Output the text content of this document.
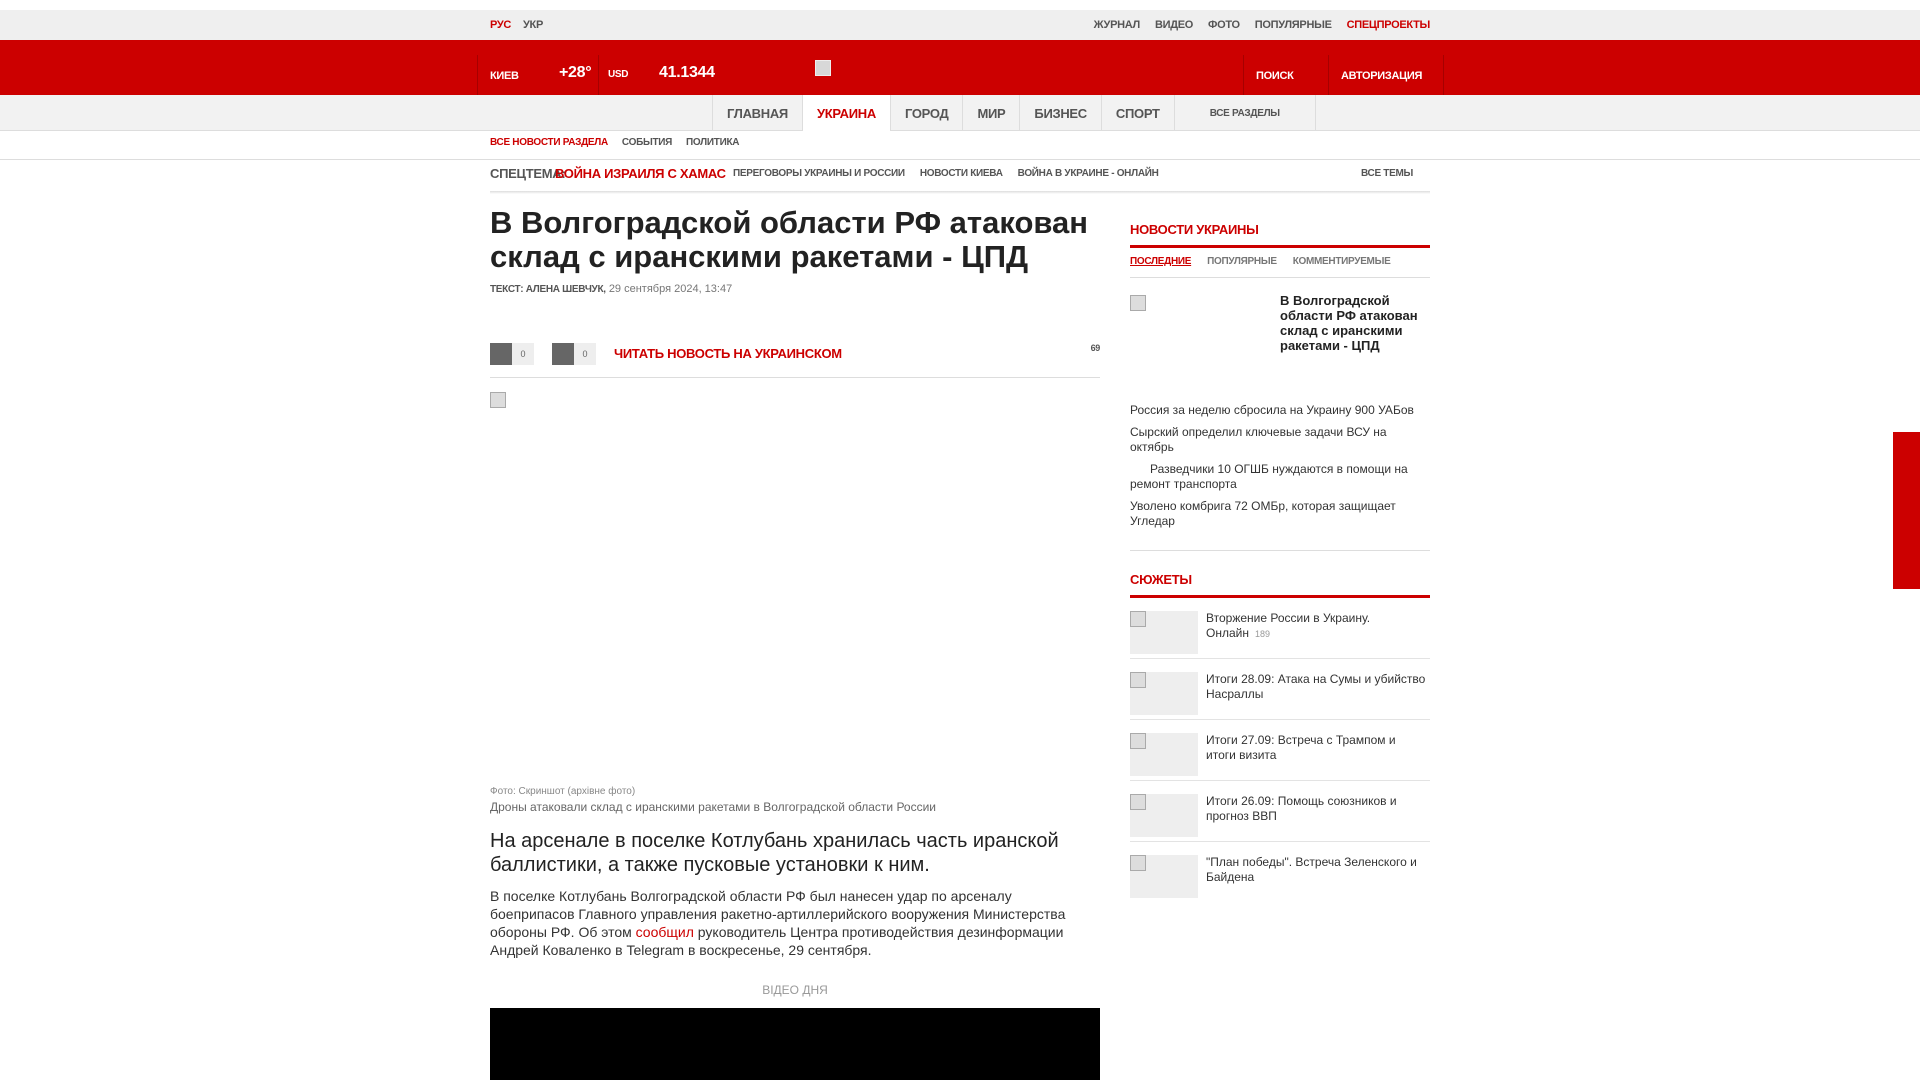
РУС УКР	ЖУРНАЛ ВИДЕО ФОТО ПОПУЛЯРНЫЕ СПЕЦПРОЕКТЫ
КИЕВ	+28° USD 41.1344	ПОИСК	АВТОРИЗАЦИЯ
ГЛАВНАЯ	УКРАИНА	ГОРОД	МИР	БИЗНЕС	СПОРТ	ВСЕ РАЗДЕЛЫ
ВСЕ НОВОСТИ РАЗДЕЛА СОБЫТИЯ ПОЛИТИКА
СПЕЦТЕМА:
ВОЙНА ИЗРАИЛЯ С ХАМАС ПЕРЕГОВОРЫ УКРАИНЫ И РОССИИ НОВОСТИ КИЕВА ВОЙНА В УКРАИНЕ - ОНЛАЙН	ВСЕ ТЕМЫ
В Волгоградской области РФ атакован склад с иранскими ракетами - ЦПД
ТЕКСТ: АЛЕНА ШЕВЧУК, 29 сентября 2024, 13:47
0	0	ЧИТАТЬ НОВОСТЬ НА УКРАИНСКОМ	69
Фото: Скриншот (архівне фото)
Дроны атаковали склад с иранскими ракетами в Волгоградской области России

На арсенале в поселке Котлубань хранилась часть иранской баллистики, а также пусковые установки к ним.

В поселке Котлубань Волгоградской области РФ был нанесен удар по арсеналу боеприпасов Главного управления ракетно-артиллерийского вооружения Министерства обороны РФ. Об этом сообщил руководитель Центра противодействия дезинформации Андрей Коваленко в Telegram в воскресенье, 29 сентября.

ВІДЕО ДНЯ
НОВОСТИ УКРАИНЫ
ПОСЛЕДНИЕ ПОПУЛЯРНЫЕ КОММЕНТИРУЕМЫЕ
В Волгоградской области РФ атакован склад с иранскими ракетами - ЦПД
Россия за неделю сбросила на Украину 900 УАБов
Сырский определил ключевые задачи ВСУ на октябрь
Разведчики 10 ОГШБ нуждаются в помощи на ремонт транспорта
Уволено комбрига 72 ОМБр, которая защищает Угледар
СЮЖЕТЫ
Вторжение России в Украину. Онлайн 189
Итоги 28.09: Атака на Сумы и убийство Насраллы
Итоги 27.09: Встреча с Трампом и итоги визита
Итоги 26.09: Помощь союзников и прогноз ВВП
"План победы". Встреча Зеленского и Байдена
